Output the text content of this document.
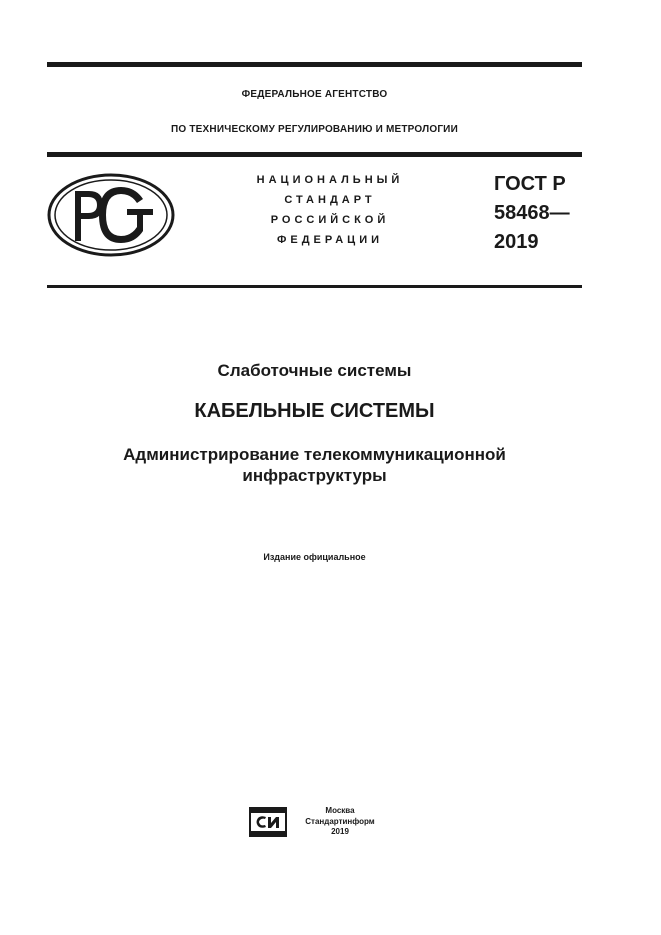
ФЕДЕРАЛЬНОЕ АГЕНТСТВО
ПО ТЕХНИЧЕСКОМУ РЕГУЛИРОВАНИЮ И МЕТРОЛОГИИ
НАЦИОНАЛЬНЫЙ
СТАНДАРТ
РОССИЙСКОЙ
ФЕДЕРАЦИИ
ГОСТ Р
58468—
2019
Слаботочные системы
КАБЕЛЬНЫЕ СИСТЕМЫ
Администрирование телекоммуникационной
инфраструктуры
Издание официальное
Москва
Стандартинформ
2019
